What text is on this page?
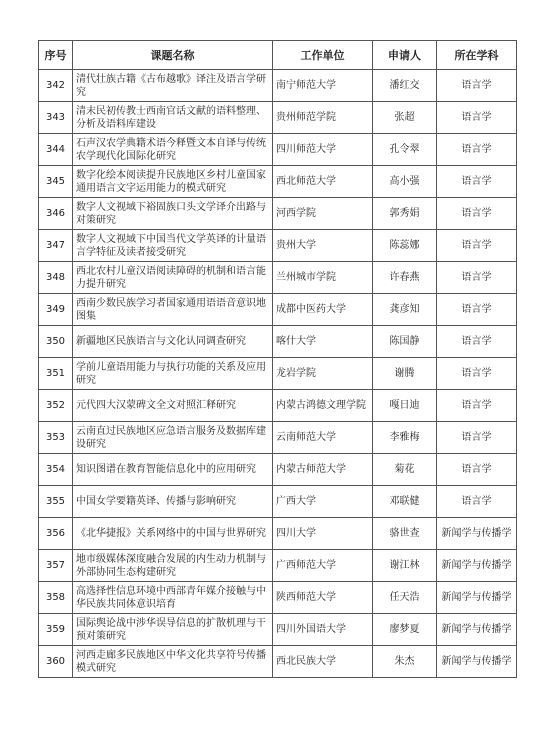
序号	课题名称	工作单位	申请人	所在学科
342	清代壮族古籍《古布越歌》译注及语言学研究	南宁师范大学	潘红交	语言学
343	清末民初传教士西南官话文献的语料整理、分析及语料库建设	贵州师范学院	张超	语言学
344	石声汉农学典籍术语今释暨文本自译与传统农学现代化国际化研究	四川师范大学	孔令翠	语言学
345	数字化绘本阅读提升民族地区乡村儿童国家通用语言文字运用能力的模式研究	西北师范大学	高小强	语言学
346	数字人文视域下裕固族口头文学译介出路与对策研究	河西学院	郭秀娟	语言学
347	数字人文视域下中国当代文学英译的计量语言学特征及读者接受研究	贵州大学	陈蕊娜	语言学
348	西北农村儿童汉语阅读障碍的机制和语言能力提升研究	兰州城市学院	许春燕	语言学
349	西南少数民族学习者国家通用语语音意识地图集	成都中医药大学	龚彦知	语言学
350	新疆地区民族语言与文化认同调查研究	喀什大学	陈国静	语言学
351	学前儿童语用能力与执行功能的关系及应用研究	龙岩学院	谢腾	语言学
352	元代四大汉蒙碑文全文对照汇释研究	内蒙古鸿德文理学院	嘎日迪	语言学
353	云南直过民族地区应急语言服务及数据库建设研究	云南师范大学	李雅梅	语言学
354	知识图谱在教育智能信息化中的应用研究	内蒙古师范大学	菊花	语言学
355	中国女学要籍英译、传播与影响研究	广西大学	邓联健	语言学
356	《北华捷报》关系网络中的中国与世界研究	四川大学	骆世查	新闻学与传播学
357	地市级媒体深度融合发展的内生动力机制与外部协同生态构建研究	广西师范大学	谢江林	新闻学与传播学
358	高选择性信息环境中西部青年媒介接触与中华民族共同体意识培育	陕西师范大学	任天浩	新闻学与传播学
359	国际舆论战中涉华误导信息的扩散机理与干预对策研究	四川外国语大学	廖梦夏	新闻学与传播学
360	河西走廊多民族地区中华文化共享符号传播模式研究	西北民族大学	朱杰	新闻学与传播学
